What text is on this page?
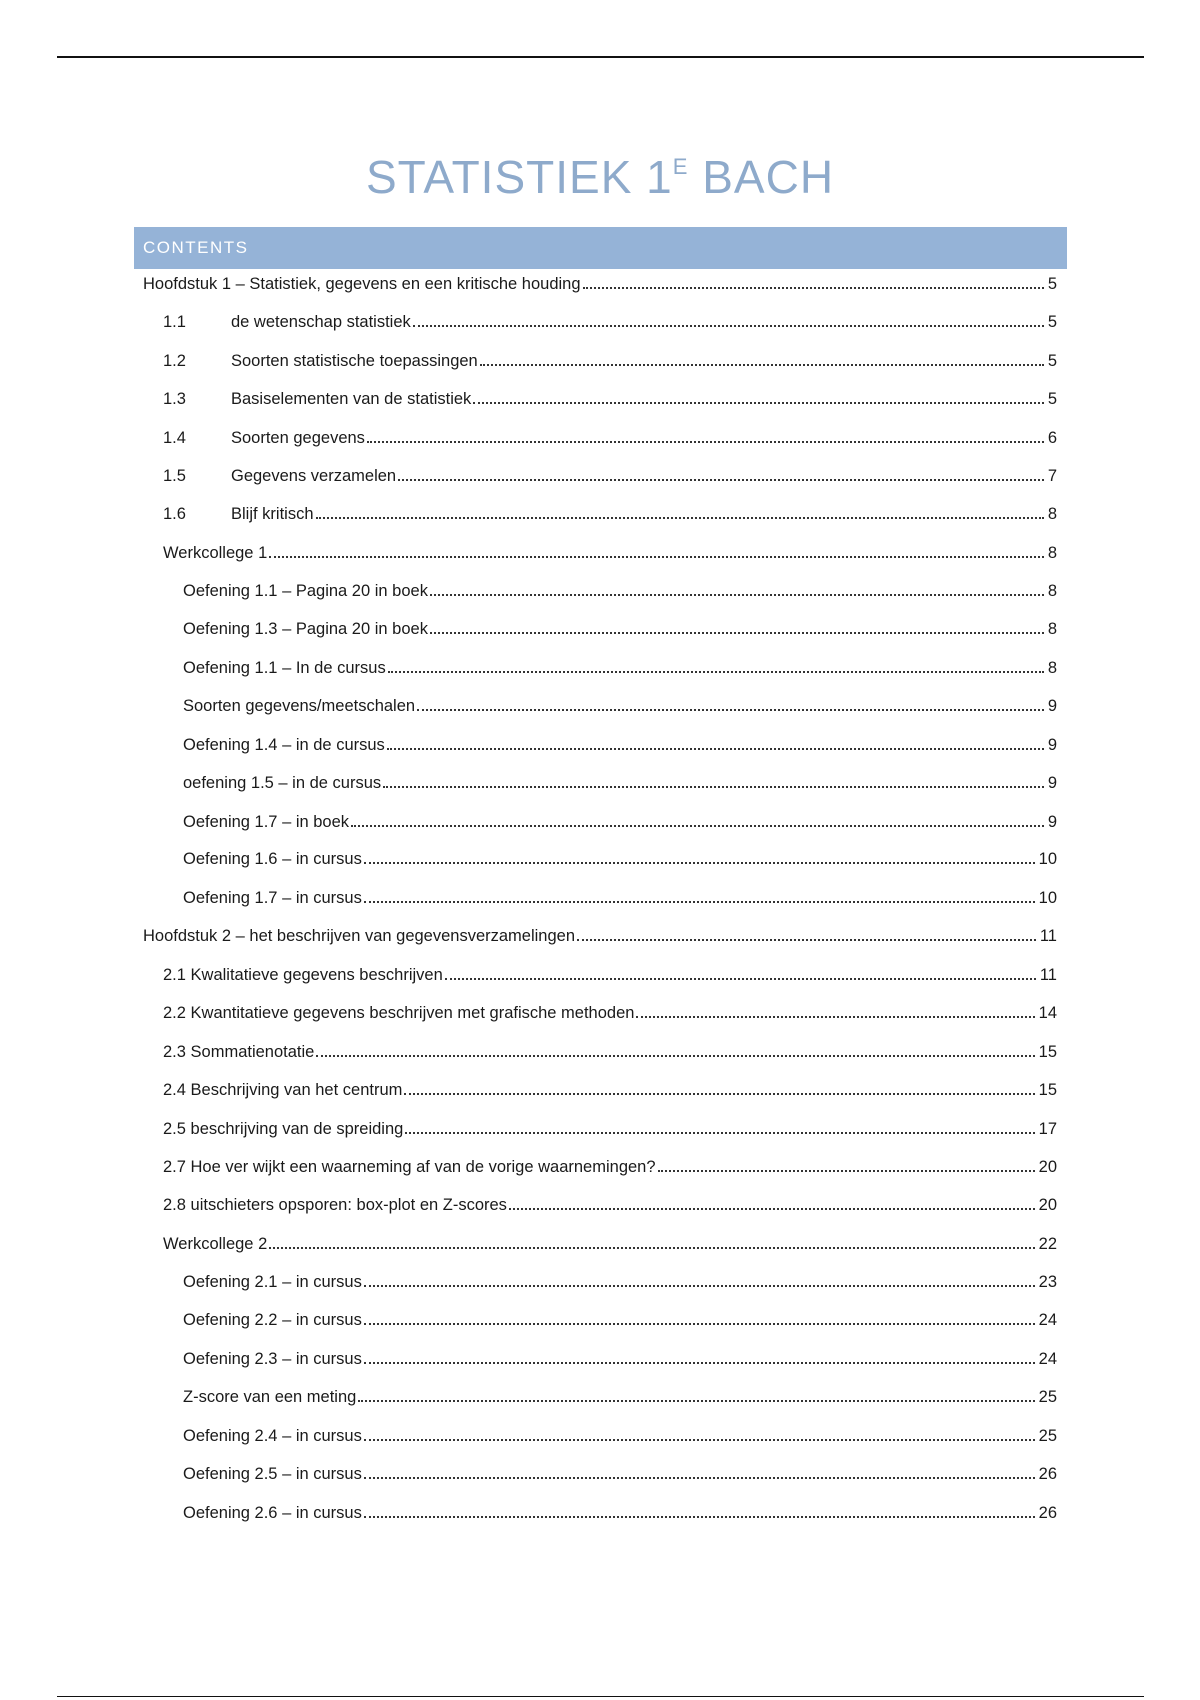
STATISTIEK $1^E$ BACH
CONTENTS
Hoofdstuk 1 – Statistiek, gegevens en een kritische houding	5
1.1	de wetenschap statistiek	5
1.2	Soorten statistische toepassingen	5
1.3	Basiselementen van de statistiek	5
1.4	Soorten gegevens	6
1.5	Gegevens verzamelen	7
1.6	Blijf kritisch	8
Werkcollege 1	8
Oefening 1.1 – Pagina 20 in boek	8
Oefening 1.3 – Pagina 20 in boek	8
Oefening 1.1 – In de cursus	8
Soorten gegevens/meetschalen	9
Oefening 1.4 – in de cursus	9
oefening 1.5 – in de cursus	9
Oefening 1.7 – in boek	9
Oefening 1.6 – in cursus	10
Oefening 1.7 – in cursus	10
Hoofdstuk 2 – het beschrijven van gegevensverzamelingen	11
2.1 Kwalitatieve gegevens beschrijven	11
2.2 Kwantitatieve gegevens beschrijven met grafische methoden	14
2.3 Sommatienotatie	15
2.4 Beschrijving van het centrum	15
2.5 beschrijving van de spreiding	17
2.7 Hoe ver wijkt een waarneming af van de vorige waarnemingen?	20
2.8 uitschieters opsporen: box-plot en Z-scores	20
Werkcollege 2	22
Oefening 2.1 – in cursus	23
Oefening 2.2 – in cursus	24
Oefening 2.3 – in cursus	24
Z-score van een meting	25
Oefening 2.4 – in cursus	25
Oefening 2.5 – in cursus	26
Oefening 2.6 – in cursus	26
